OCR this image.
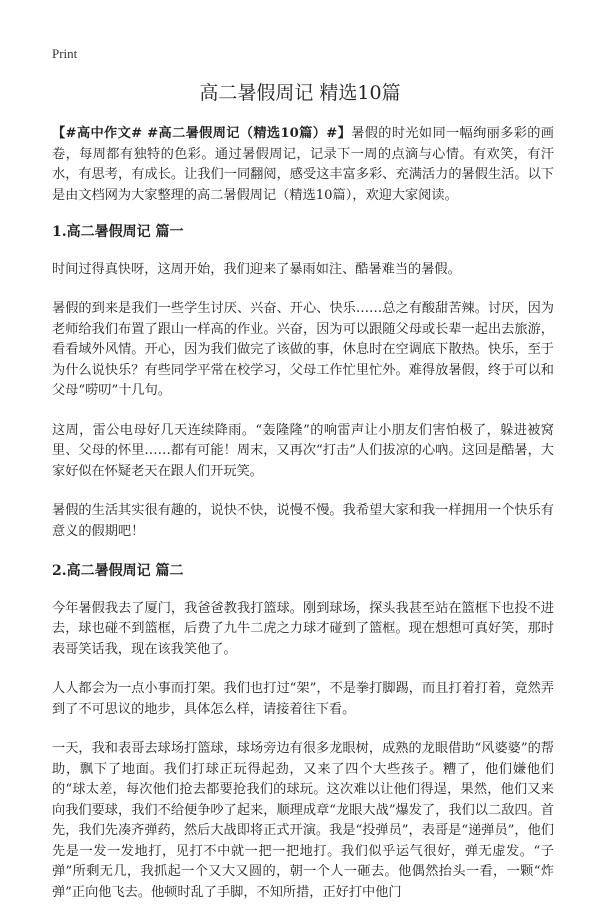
Print
高二暑假周记 精选10篇

【#高中作文# #高二暑假周记（精选10篇）#】暑假的时光如同一幅绚丽多彩的画卷，每周都有独特的色彩。通过暑假周记，记录下一周的点滴与心情。有欢笑，有汗水，有思考，有成长。让我们一同翻阅，感受这丰富多彩、充满活力的暑假生活。以下是由文档网为大家整理的高二暑假周记（精选10篇），欢迎大家阅读。

1.高二暑假周记 篇一

时间过得真快呀，这周开始，我们迎来了暴雨如注、酷暑难当的暑假。

暑假的到来是我们一些学生讨厌、兴奋、开心、快乐……总之有酸甜苦辣。讨厌，因为老师给我们布置了跟山一样高的作业。兴奋，因为可以跟随父母或长辈一起出去旅游，看看域外风情。开心，因为我们做完了该做的事，休息时在空调底下散热。快乐，至于为什么说快乐？有些同学平常在校学习，父母工作忙里忙外。难得放暑假，终于可以和父母“唠叨”十几句。

这周，雷公电母好几天连续降雨。“轰隆隆”的响雷声让小朋友们害怕极了，躲进被窝里、父母的怀里……都有可能！周末，又再次“打击”人们拔凉的心吶。这回是酷暑，大家好似在怀疑老天在跟人们开玩笑。

暑假的生活其实很有趣的，说快不快，说慢不慢。我希望大家和我一样拥用一个快乐有意义的假期吧！

2.高二暑假周记 篇二

今年暑假我去了厦门，我爸爸教我打篮球。刚到球场，探头我甚至站在篮框下也投不进去，球也碰不到篮框，后费了九牛二虎之力球才碰到了篮框。现在想想可真好笑，那时表哥笑话我，现在该我笑他了。

人人都会为一点小事而打架。我们也打过“架”，不是拳打脚踢，而且打着打着，竟然弄到了不可思议的地步，具体怎么样，请接着往下看。

一天，我和表哥去球场打篮球，球场旁边有很多龙眼树，成熟的龙眼借助“风婆婆”的帮助，飘下了地面。我们打球正玩得起劲，又来了四个大些孩子。糟了，他们嫌他们的“球太差，每次他们抢去都要抢我们的球玩。这次难以让他们得逞，果然，他们又来向我们要球，我们不给便争吵了起来，顺理成章“龙眼大战”爆发了，我们以二敌四。首先，我们先凑齐弹药，然后大战即将正式开演。我是“投弹员”，表哥是“递弹员”，他们先是一发一发地打，见打不中就一把一把地打。我们似乎运气很好，弹无虚发。“子弹”所剩无几，我抓起一个又大又圆的，朝一个人一砸去。他偶然抬头一看，一颗“炸弹”正向他飞去。他顿时乱了手脚，不知所措，正好打中他门
